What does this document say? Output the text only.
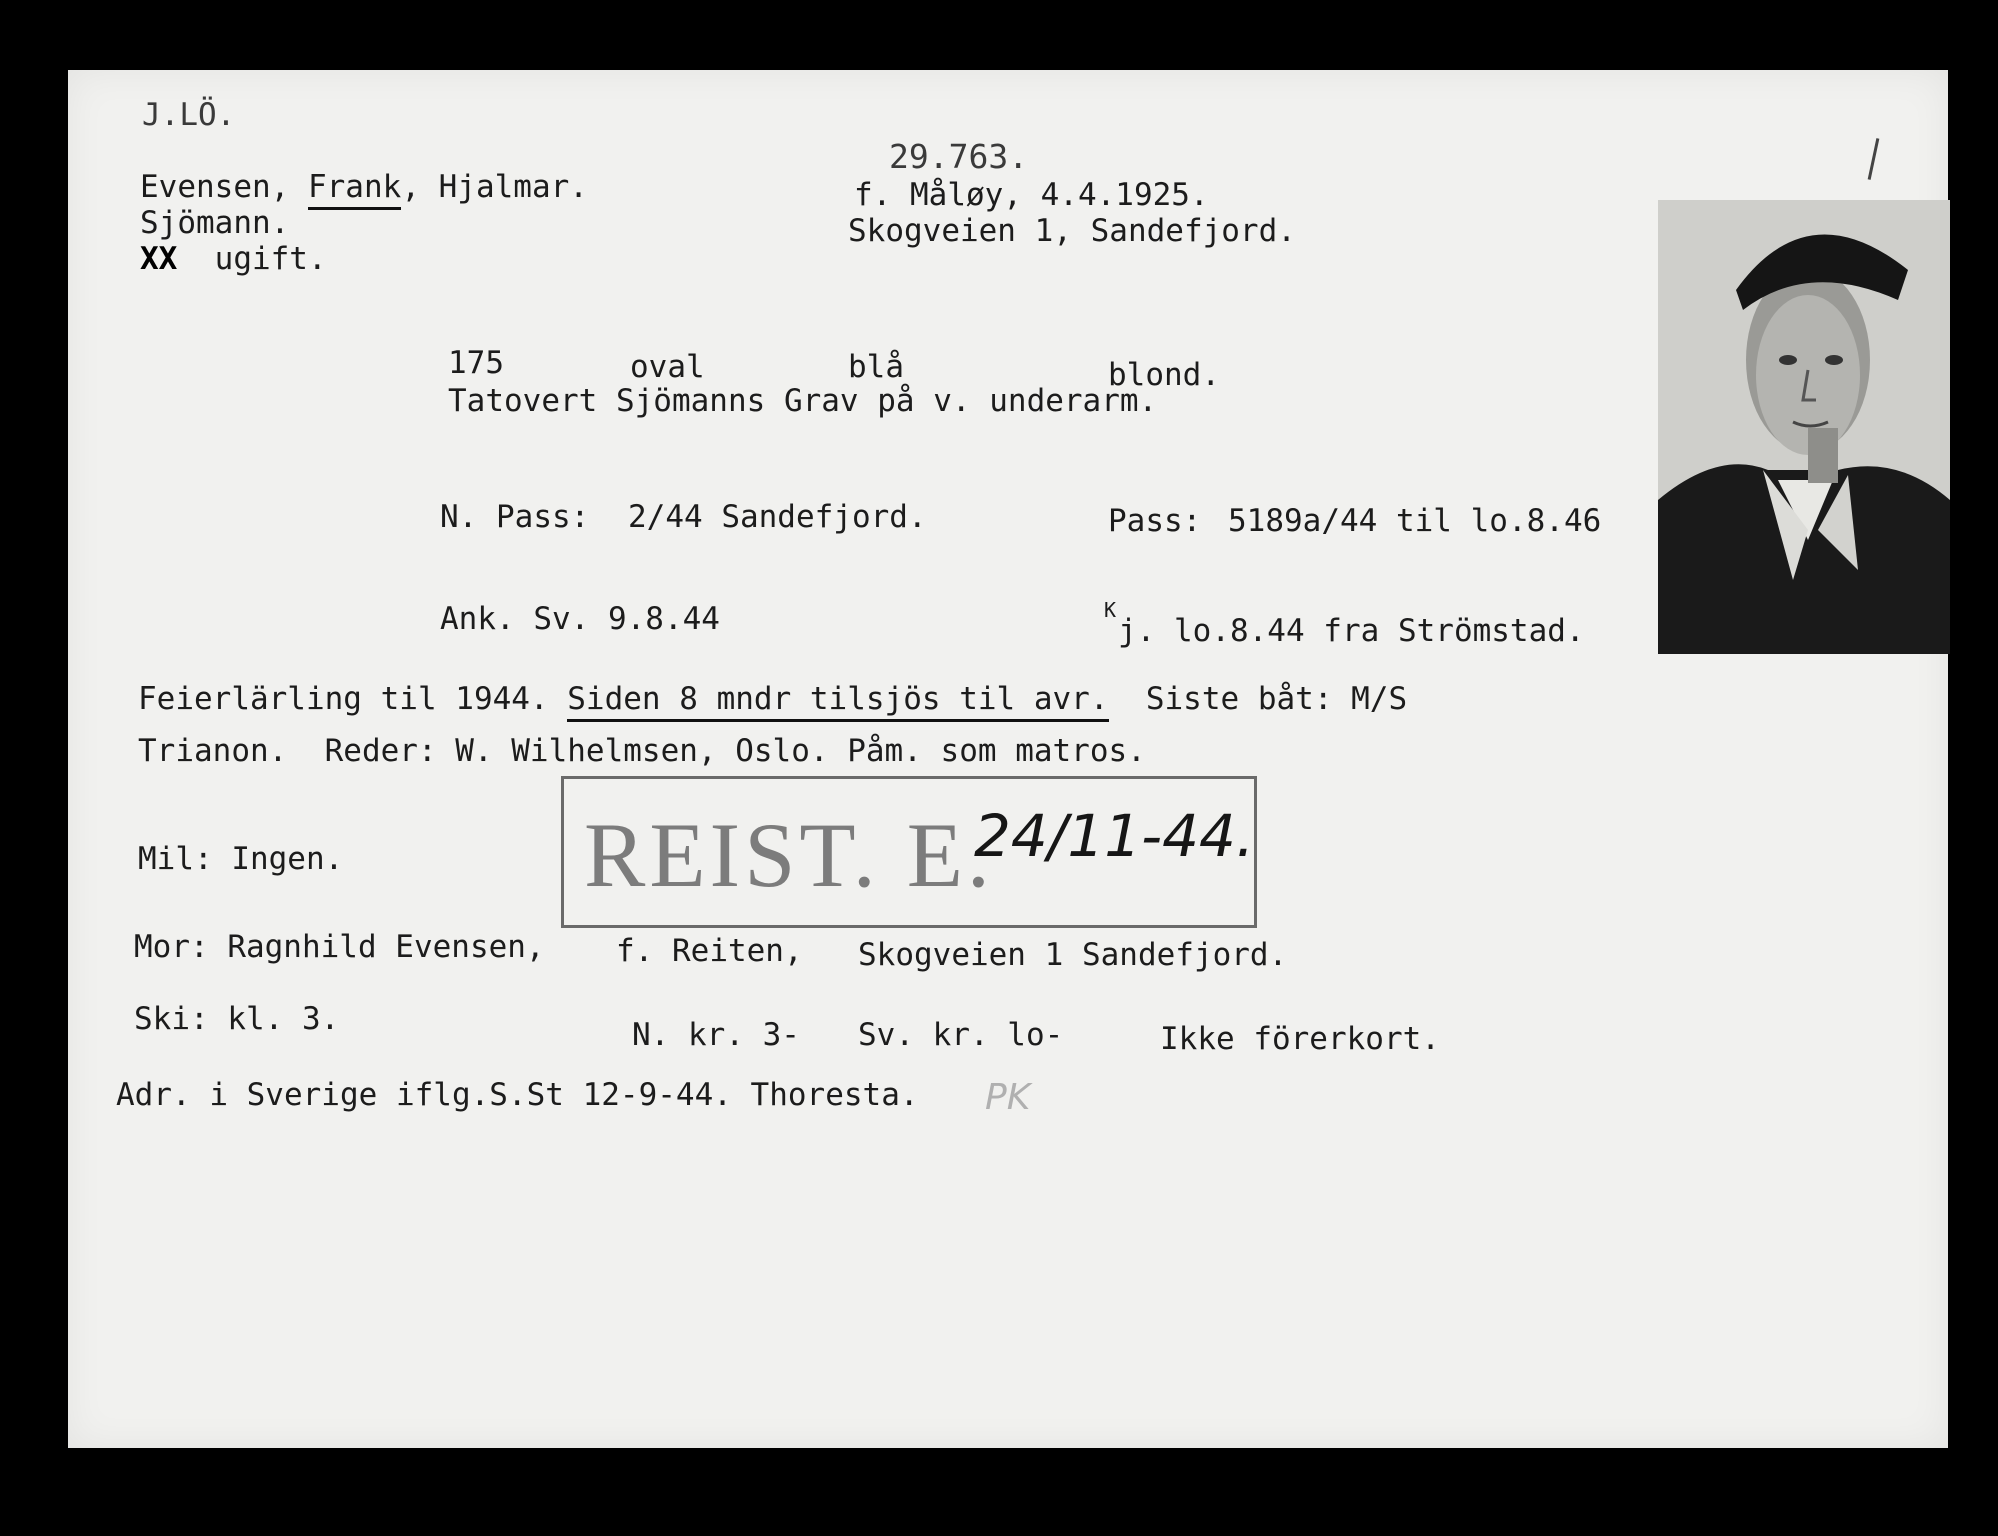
J.LÖ.
29.763.
Evensen, Frank, Hjalmar.
Sjömann.
XX ugift.
f. Måløy, 4.4.1925.
Skogveien 1, Sandefjord.
175	oval	blå	blond.
Tatovert Sjömanns Grav på v. underarm.
N. Pass: 2/44 Sandefjord.	Pass: 5189a/44 til lo.8.46
Ank. Sv. 9.8.44	K
j. lo.8.44 fra Strömstad.
Feierlärling til 1944. Siden 8 mndr tilsjös til avr.  Siste båt: M/S
Trianon.  Reder: W. Wilhelmsen, Oslo. Påm. som matros.
REIST. E.
24/11-44.
Mil: Ingen.
Mor: Ragnhild Evensen, f. Reiten, Skogveien 1 Sandefjord.
Ski: kl. 3.	N. kr. 3- Sv. kr. lo-	Ikke förerkort.
Adr. i Sverige iflg.S.St 12-9-44. Thoresta. PK
